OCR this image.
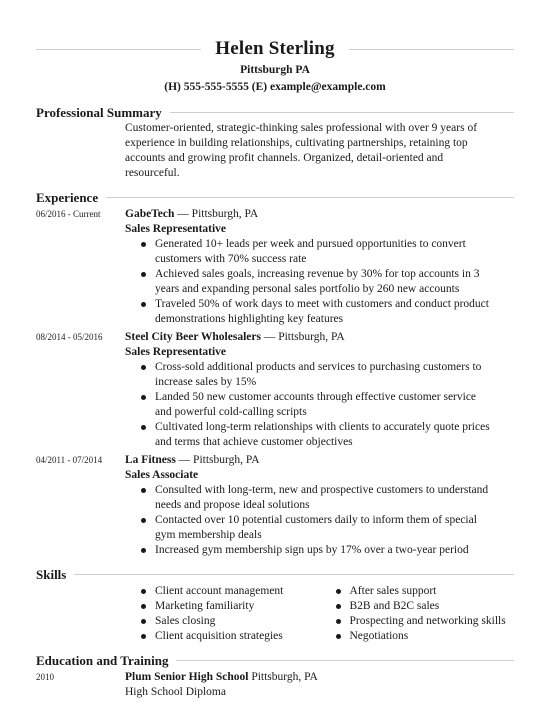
Helen Sterling
Pittsburgh PA
(H) 555-555-5555 (E) example@example.com
Professional Summary
Customer-oriented, strategic-thinking sales professional with over 9 years of experience in building relationships, cultivating partnerships, retaining top accounts and growing profit channels. Organized, detail-oriented and resourceful.
Experience
06/2016 - Current	GabeTech — Pittsburgh, PA
Sales Representative
Generated 10+ leads per week and pursued opportunities to convert customers with 70% success rate
Achieved sales goals, increasing revenue by 30% for top accounts in 3 years and expanding personal sales portfolio by 260 new accounts
Traveled 50% of work days to meet with customers and conduct product demonstrations highlighting key features
08/2014 - 05/2016	Steel City Beer Wholesalers — Pittsburgh, PA
Sales Representative
Cross-sold additional products and services to purchasing customers to increase sales by 15%
Landed 50 new customer accounts through effective customer service and powerful cold-calling scripts
Cultivated long-term relationships with clients to accurately quote prices and terms that achieve customer objectives
04/2011 - 07/2014	La Fitness — Pittsburgh, PA
Sales Associate
Consulted with long-term, new and prospective customers to understand needs and propose ideal solutions
Contacted over 10 potential customers daily to inform them of special gym membership deals
Increased gym membership sign ups by 17% over a two-year period
Skills
Client account management
Marketing familiarity
Sales closing
Client acquisition strategies
After sales support
B2B and B2C sales
Prospecting and networking skills
Negotiations
Education and Training
2010	Plum Senior High School Pittsburgh, PA
High School Diploma
